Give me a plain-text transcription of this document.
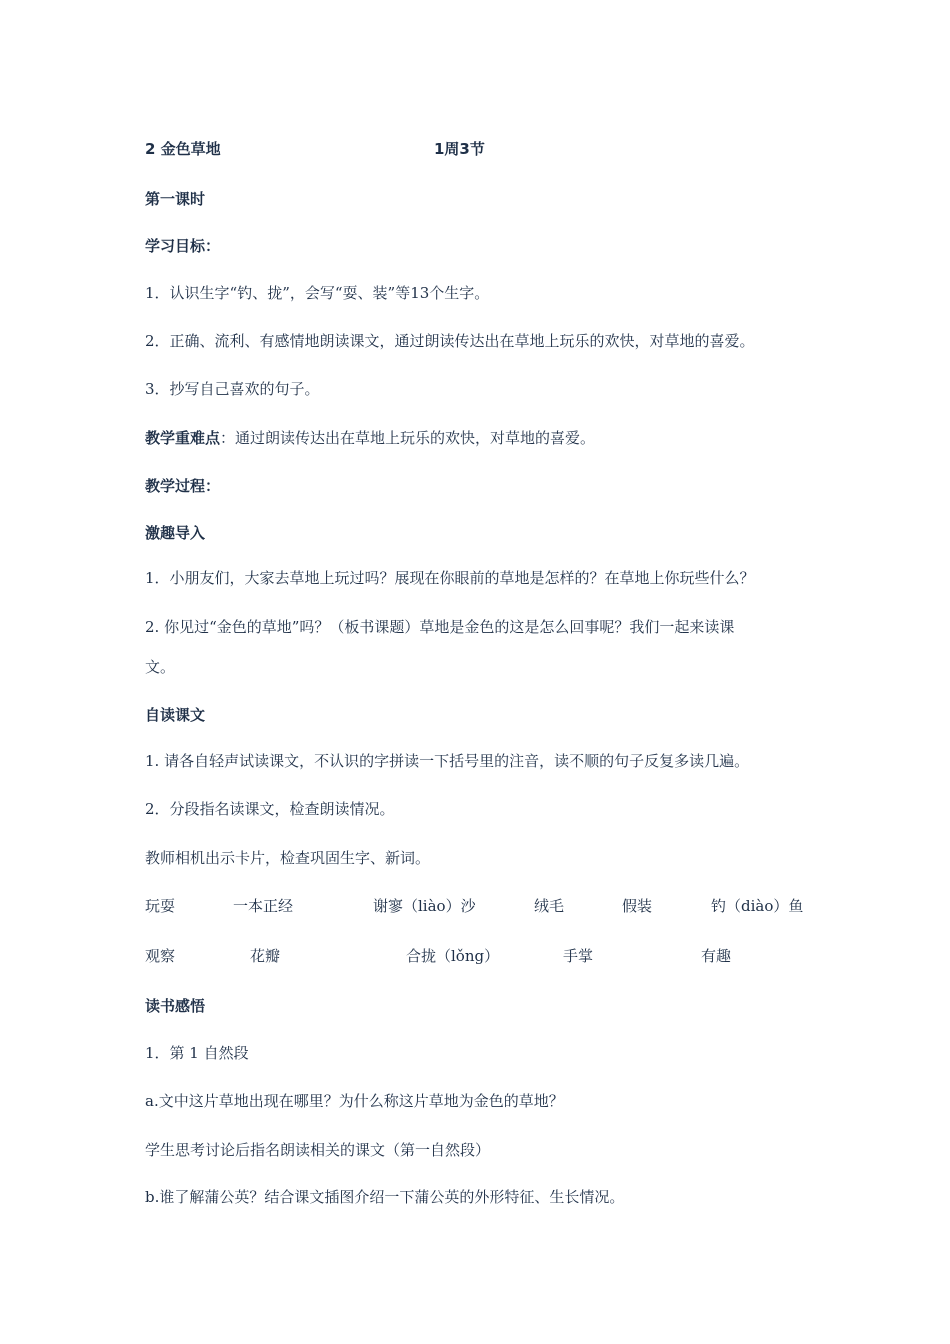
2 金色草地	1周3节
第一课时
学习目标：
1．认识生字“钓、拢”，会写“耍、装”等13个生字。
2．正确、流利、有感情地朗读课文，通过朗读传达出在草地上玩乐的欢快，对草地的喜爱。
3．抄写自己喜欢的句子。
教学重难点：通过朗读传达出在草地上玩乐的欢快，对草地的喜爱。
教学过程：
激趣导入
1．小朋友们，大家去草地上玩过吗？展现在你眼前的草地是怎样的？在草地上你玩些什么？
2. 你见过“金色的草地”吗？（板书课题）草地是金色的这是怎么回事呢？我们一起来读课
文。
自读课文
1. 请各自轻声试读课文，不认识的字拼读一下括号里的注音，读不顺的句子反复多读几遍。
2．分段指名读课文，检查朗读情况。
教师相机出示卡片，检查巩固生字、新词。
玩耍	一本正经	谢寥（liào）沙	绒毛	假装	钓（diào）鱼
观察	花瓣	合拢（lǒng）	手掌	有趣
读书感悟
1．第 1 自然段
a.文中这片草地出现在哪里？为什么称这片草地为金色的草地？
学生思考讨论后指名朗读相关的课文（第一自然段）
b.谁了解蒲公英？结合课文插图介绍一下蒲公英的外形特征、生长情况。
